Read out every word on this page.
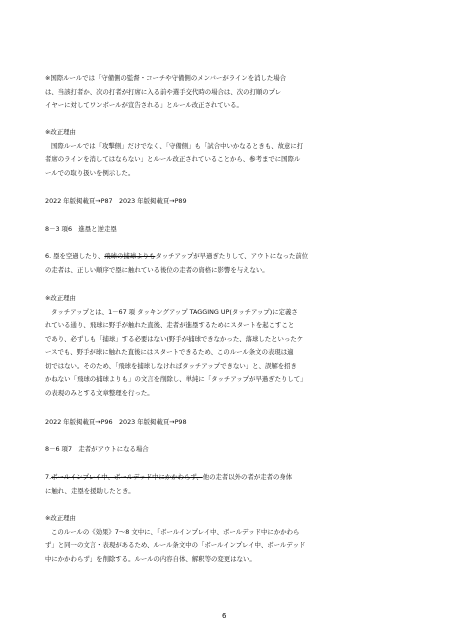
※国際ルールでは「守備側の監督・コーチや守備側のメンバーがラインを消した場合
は、当該打者か、次の打者が打席に入る前や選手交代時の場合は、次の打順のプレ
イヤーに対してワンボールが宣告される」とルール改正されている。
※改正理由
国際ルールでは「攻撃側」だけでなく、「守備側」も「試合中いかなるときも、故意に打
者席のラインを消してはならない」とルール改正されていることから、参考までに国際ル
ールでの取り扱いを例示した。
2022 年版掲載頁→P87　2023 年版掲載頁→P89
8－3 項6　進塁と逆走塁
6. 塁を空過したり、飛球の捕球よりもタッチアップが早過ぎたりして、アウトになった前位
の走者は、正しい順序で塁に触れている後位の走者の資格に影響を与えない。
※改正理由
タッチアップとは、1－67 項 タッキングアップ TAGGING UP(タッチアップ)に定義さ
れている通り、飛球に野手が触れた直後、走者が進塁するためにスタートを起こすこと
であり、必ずしも「捕球」する必要はない(野手が捕球できなかった、落球したといったケ
ースでも、野手が球に触れた直後にはスタートできるため、このルール条文の表現は適
切ではない。そのため、「飛球を捕球しなければタッチアップできない」と、誤解を招き
かねない「飛球の捕球よりも」の文言を削除し、単純に「タッチアップが早過ぎたりして」
の表現のみとする文章整理を行った。
2022 年版掲載頁→P96　2023 年版掲載頁→P98
8－6 項7　走者がアウトになる場合
7.ボールインプレイ中、ボールデッド中にかかわらず、他の走者以外の者が走者の身体
に触れ、走塁を援助したとき。
※改正理由
このルールの《効果》7～8 文中に、「ボールインプレイ中、ボールデッド中にかかわら
ず」と同一の文言・表現があるため、ルール条文中の「ボールインプレイ中、ボールデッド
中にかかわらず」を削除する。ルールの内容自体、解釈等の変更はない。
6
